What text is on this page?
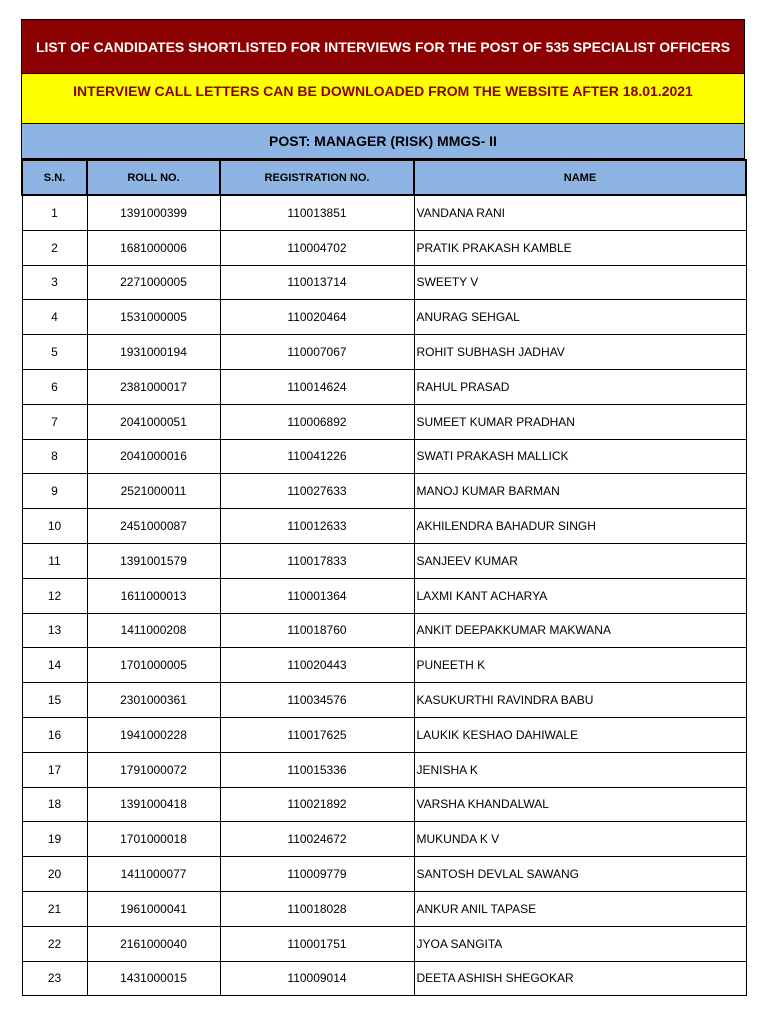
LIST OF CANDIDATES SHORTLISTED FOR INTERVIEWS FOR THE POST OF 535 SPECIALIST OFFICERS
INTERVIEW CALL LETTERS CAN BE DOWNLOADED FROM THE WEBSITE AFTER 18.01.2021
POST: MANAGER (RISK) MMGS- II
S.N.	ROLL NO.	REGISTRATION NO.	NAME
1	1391000399	110013851	VANDANA RANI
2	1681000006	110004702	PRATIK PRAKASH KAMBLE
3	2271000005	110013714	SWEETY V
4	1531000005	110020464	ANURAG SEHGAL
5	1931000194	110007067	ROHIT SUBHASH JADHAV
6	2381000017	110014624	RAHUL PRASAD
7	2041000051	110006892	SUMEET KUMAR PRADHAN
8	2041000016	110041226	SWATI PRAKASH MALLICK
9	2521000011	110027633	MANOJ KUMAR BARMAN
10	2451000087	110012633	AKHILENDRA BAHADUR SINGH
11	1391001579	110017833	SANJEEV KUMAR
12	1611000013	110001364	LAXMI KANT ACHARYA
13	1411000208	110018760	ANKIT DEEPAKKUMAR MAKWANA
14	1701000005	110020443	PUNEETH K
15	2301000361	110034576	KASUKURTHI RAVINDRA BABU
16	1941000228	110017625	LAUKIK KESHAO DAHIWALE
17	1791000072	110015336	JENISHA K
18	1391000418	110021892	VARSHA KHANDALWAL
19	1701000018	110024672	MUKUNDA K V
20	1411000077	110009779	SANTOSH DEVLAL SAWANG
21	1961000041	110018028	ANKUR ANIL TAPASE
22	2161000040	110001751	JYOA SANGITA
23	1431000015	110009014	DEETA ASHISH SHEGOKAR
